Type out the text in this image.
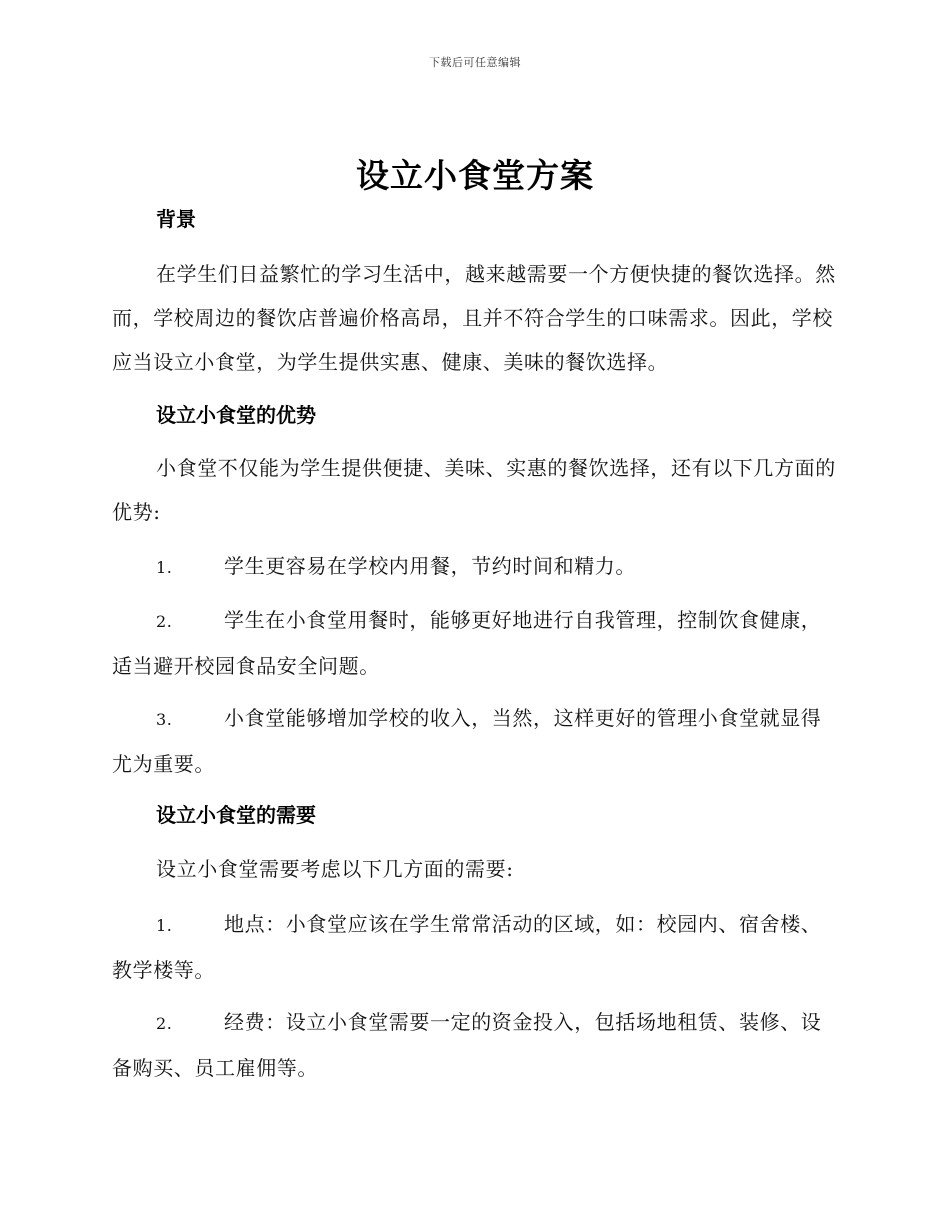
下载后可任意编辑
设立小食堂方案
背景

在学生们日益繁忙的学习生活中，越来越需要一个方便快捷的餐饮选择。然而，学校周边的餐饮店普遍价格高昂，且并不符合学生的口味需求。因此，学校应当设立小食堂，为学生提供实惠、健康、美味的餐饮选择。

设立小食堂的优势

小食堂不仅能为学生提供便捷、美味、实惠的餐饮选择，还有以下几方面的优势:

1.	学生更容易在学校内用餐，节约时间和精力。

2.	学生在小食堂用餐时，能够更好地进行自我管理，控制饮食健康，适当避开校园食品安全问题。

3.	小食堂能够增加学校的收入，当然，这样更好的管理小食堂就显得尤为重要。

设立小食堂的需要

设立小食堂需要考虑以下几方面的需要:

1.	地点：小食堂应该在学生常常活动的区域，如：校园内、宿舍楼、教学楼等。

2.	经费：设立小食堂需要一定的资金投入，包括场地租赁、装修、设备购买、员工雇佣等。
